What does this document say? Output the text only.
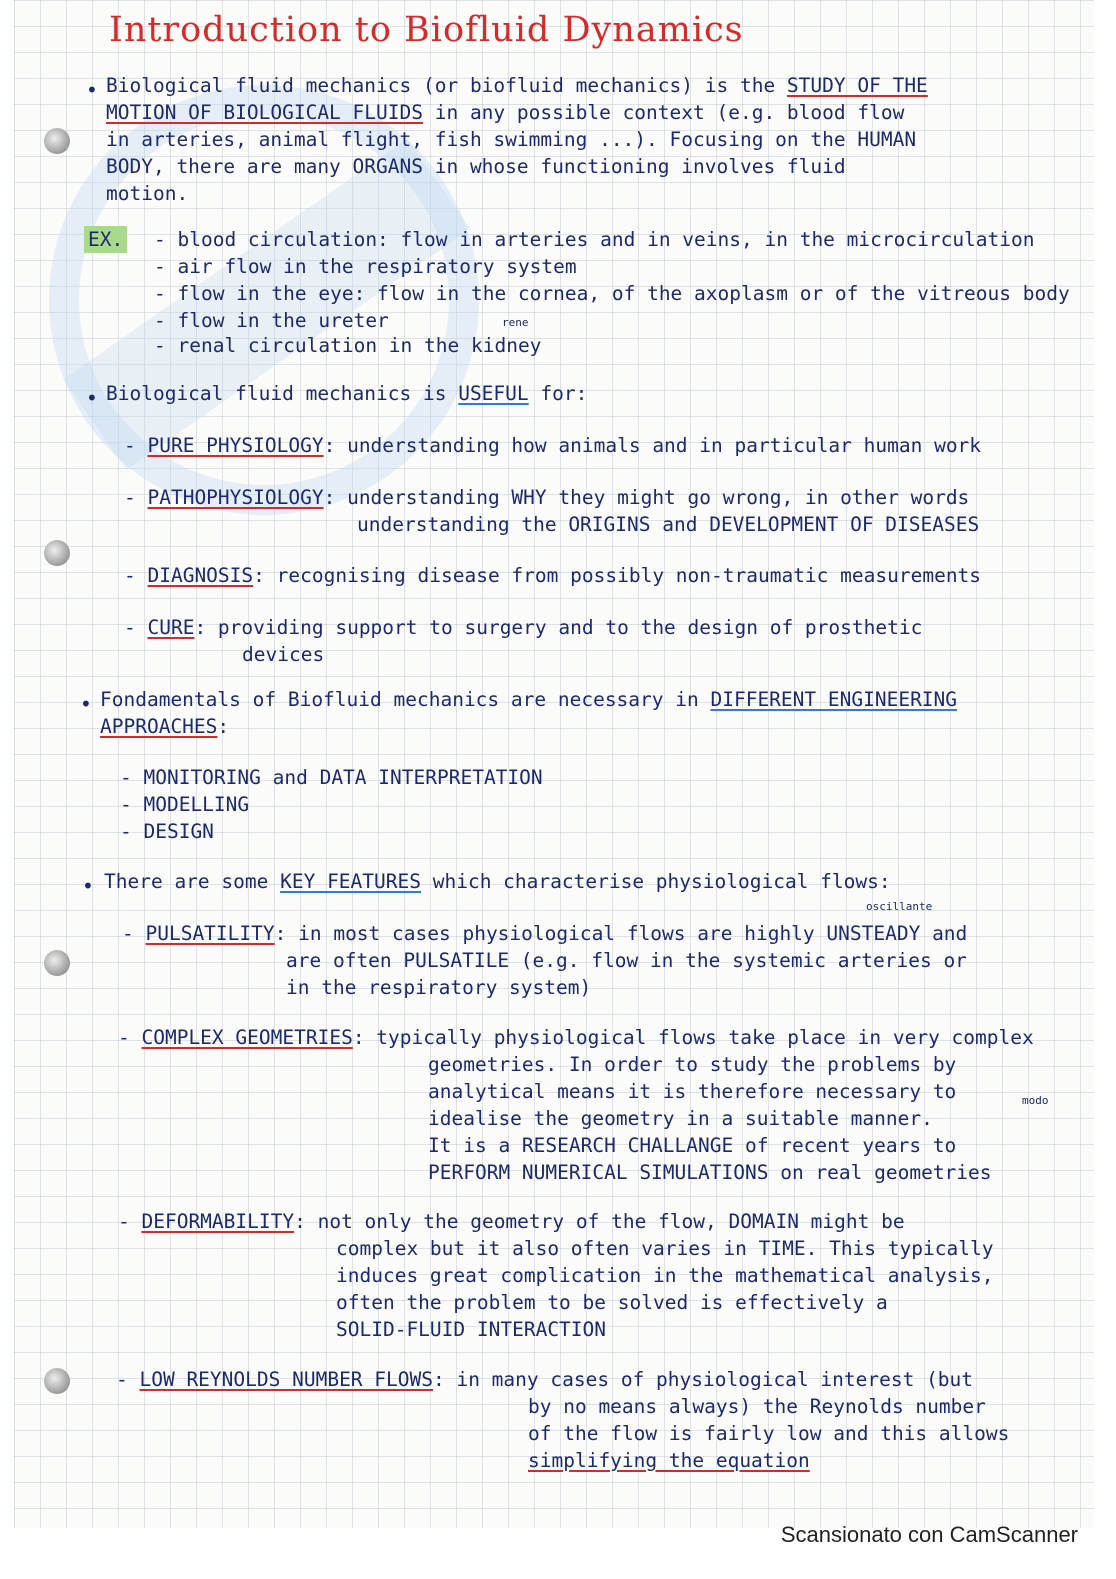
Introduction to Biofluid Dynamics
• Biological fluid mechanics (or biofluid mechanics) is the STUDY OF THE
MOTION OF BIOLOGICAL FLUIDS in any possible context (e.g. blood flow
in arteries, animal flight, fish swimming ...). Focusing on the HUMAN
BODY, there are many ORGANS in whose functioning involves fluid
motion.
EX. - blood circulation: flow in arteries and in veins, in the microcirculation
- air flow in the respiratory system
- flow in the eye: flow in the cornea, of the axoplasm or of the vitreous body
- flow in the ureter	rene
- renal circulation in the kidney
• Biological fluid mechanics is USEFUL for:
- PURE PHYSIOLOGY: understanding how animals and in particular human work
- PATHOPHYSIOLOGY: understanding WHY they might go wrong, in other words
understanding the ORIGINS and DEVELOPMENT OF DISEASES
- DIAGNOSIS: recognising disease from possibly non-traumatic measurements
- CURE: providing support to surgery and to the design of prosthetic
devices
• Fondamentals of Biofluid mechanics are necessary in DIFFERENT ENGINEERING
APPROACHES:
- MONITORING and DATA INTERPRETATION
- MODELLING
- DESIGN
• There are some KEY FEATURES which characterise physiological flows:
oscillante
- PULSATILITY: in most cases physiological flows are highly UNSTEADY and
are often PULSATILE (e.g. flow in the systemic arteries or
in the respiratory system)
- COMPLEX GEOMETRIES: typically physiological flows take place in very complex
geometries. In order to study the problems by
analytical means it is therefore necessary to	modo
idealise the geometry in a suitable manner.
It is a RESEARCH CHALLANGE of recent years to
PERFORM NUMERICAL SIMULATIONS on real geometries
- DEFORMABILITY: not only the geometry of the flow, DOMAIN might be
complex but it also often varies in TIME. This typically
induces great complication in the mathematical analysis,
often the problem to be solved is effectively a
SOLID-FLUID INTERACTION
- LOW REYNOLDS NUMBER FLOWS: in many cases of physiological interest (but
by no means always) the Reynolds number
of the flow is fairly low and this allows
simplifying the equation
Scansionato con CamScanner
